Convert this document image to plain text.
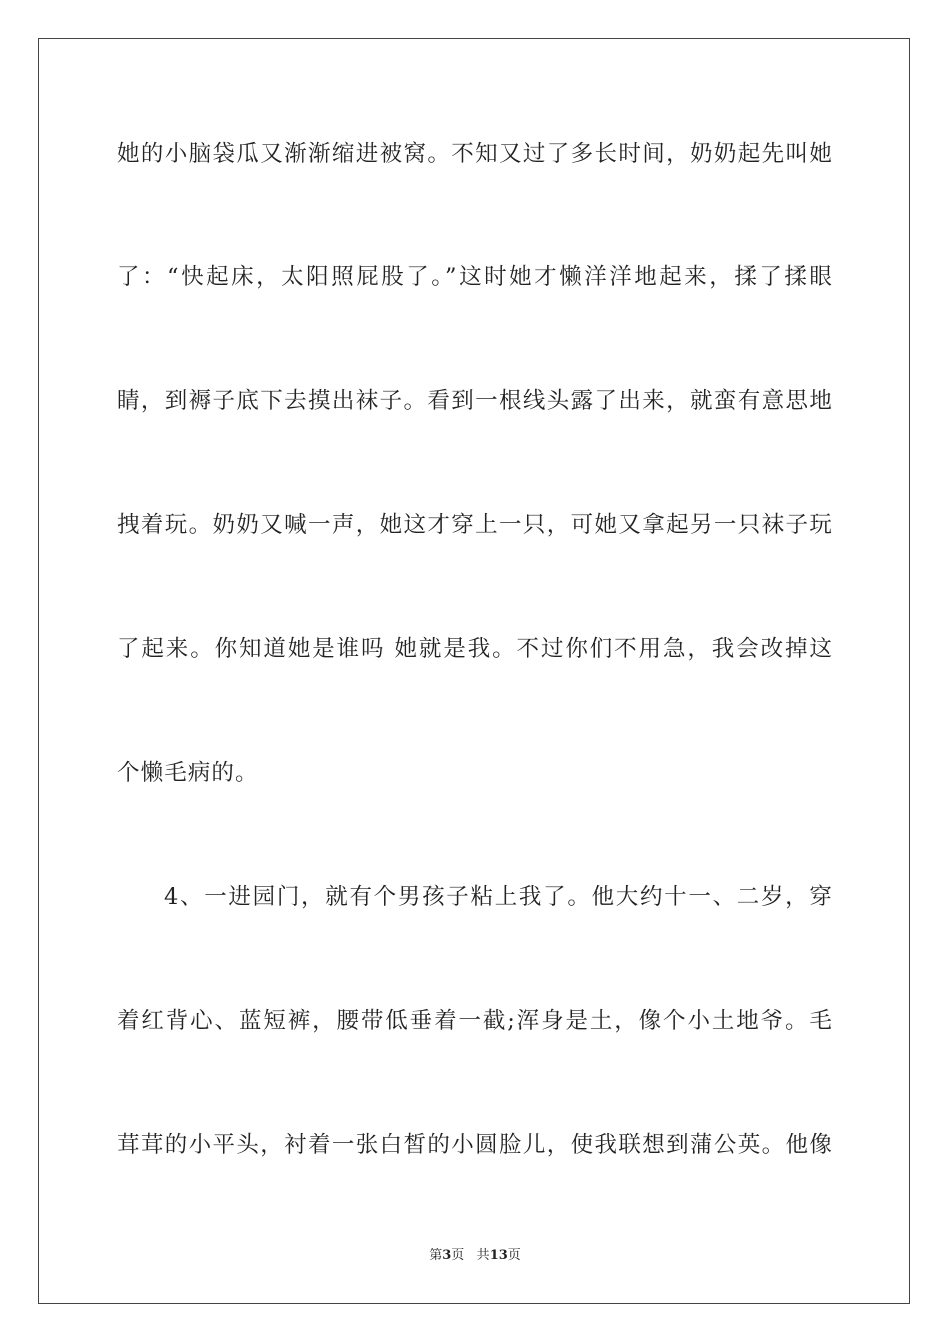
她的小脑袋瓜又渐渐缩进被窝。不知又过了多长时间，奶奶起先叫她
了：“快起床，太阳照屁股了。”这时她才懒洋洋地起来，揉了揉眼
睛，到褥子底下去摸出袜子。看到一根线头露了出来，就蛮有意思地
拽着玩。奶奶又喊一声，她这才穿上一只，可她又拿起另一只袜子玩
了起来。你知道她是谁吗 她就是我。不过你们不用急，我会改掉这
个懒毛病的。
4、一进园门，就有个男孩子粘上我了。他大约十一、二岁，穿
着红背心、蓝短裤，腰带低垂着一截;浑身是土，像个小土地爷。毛
茸茸的小平头，衬着一张白皙的小圆脸儿，使我联想到蒲公英。他像
第3页 共13页
